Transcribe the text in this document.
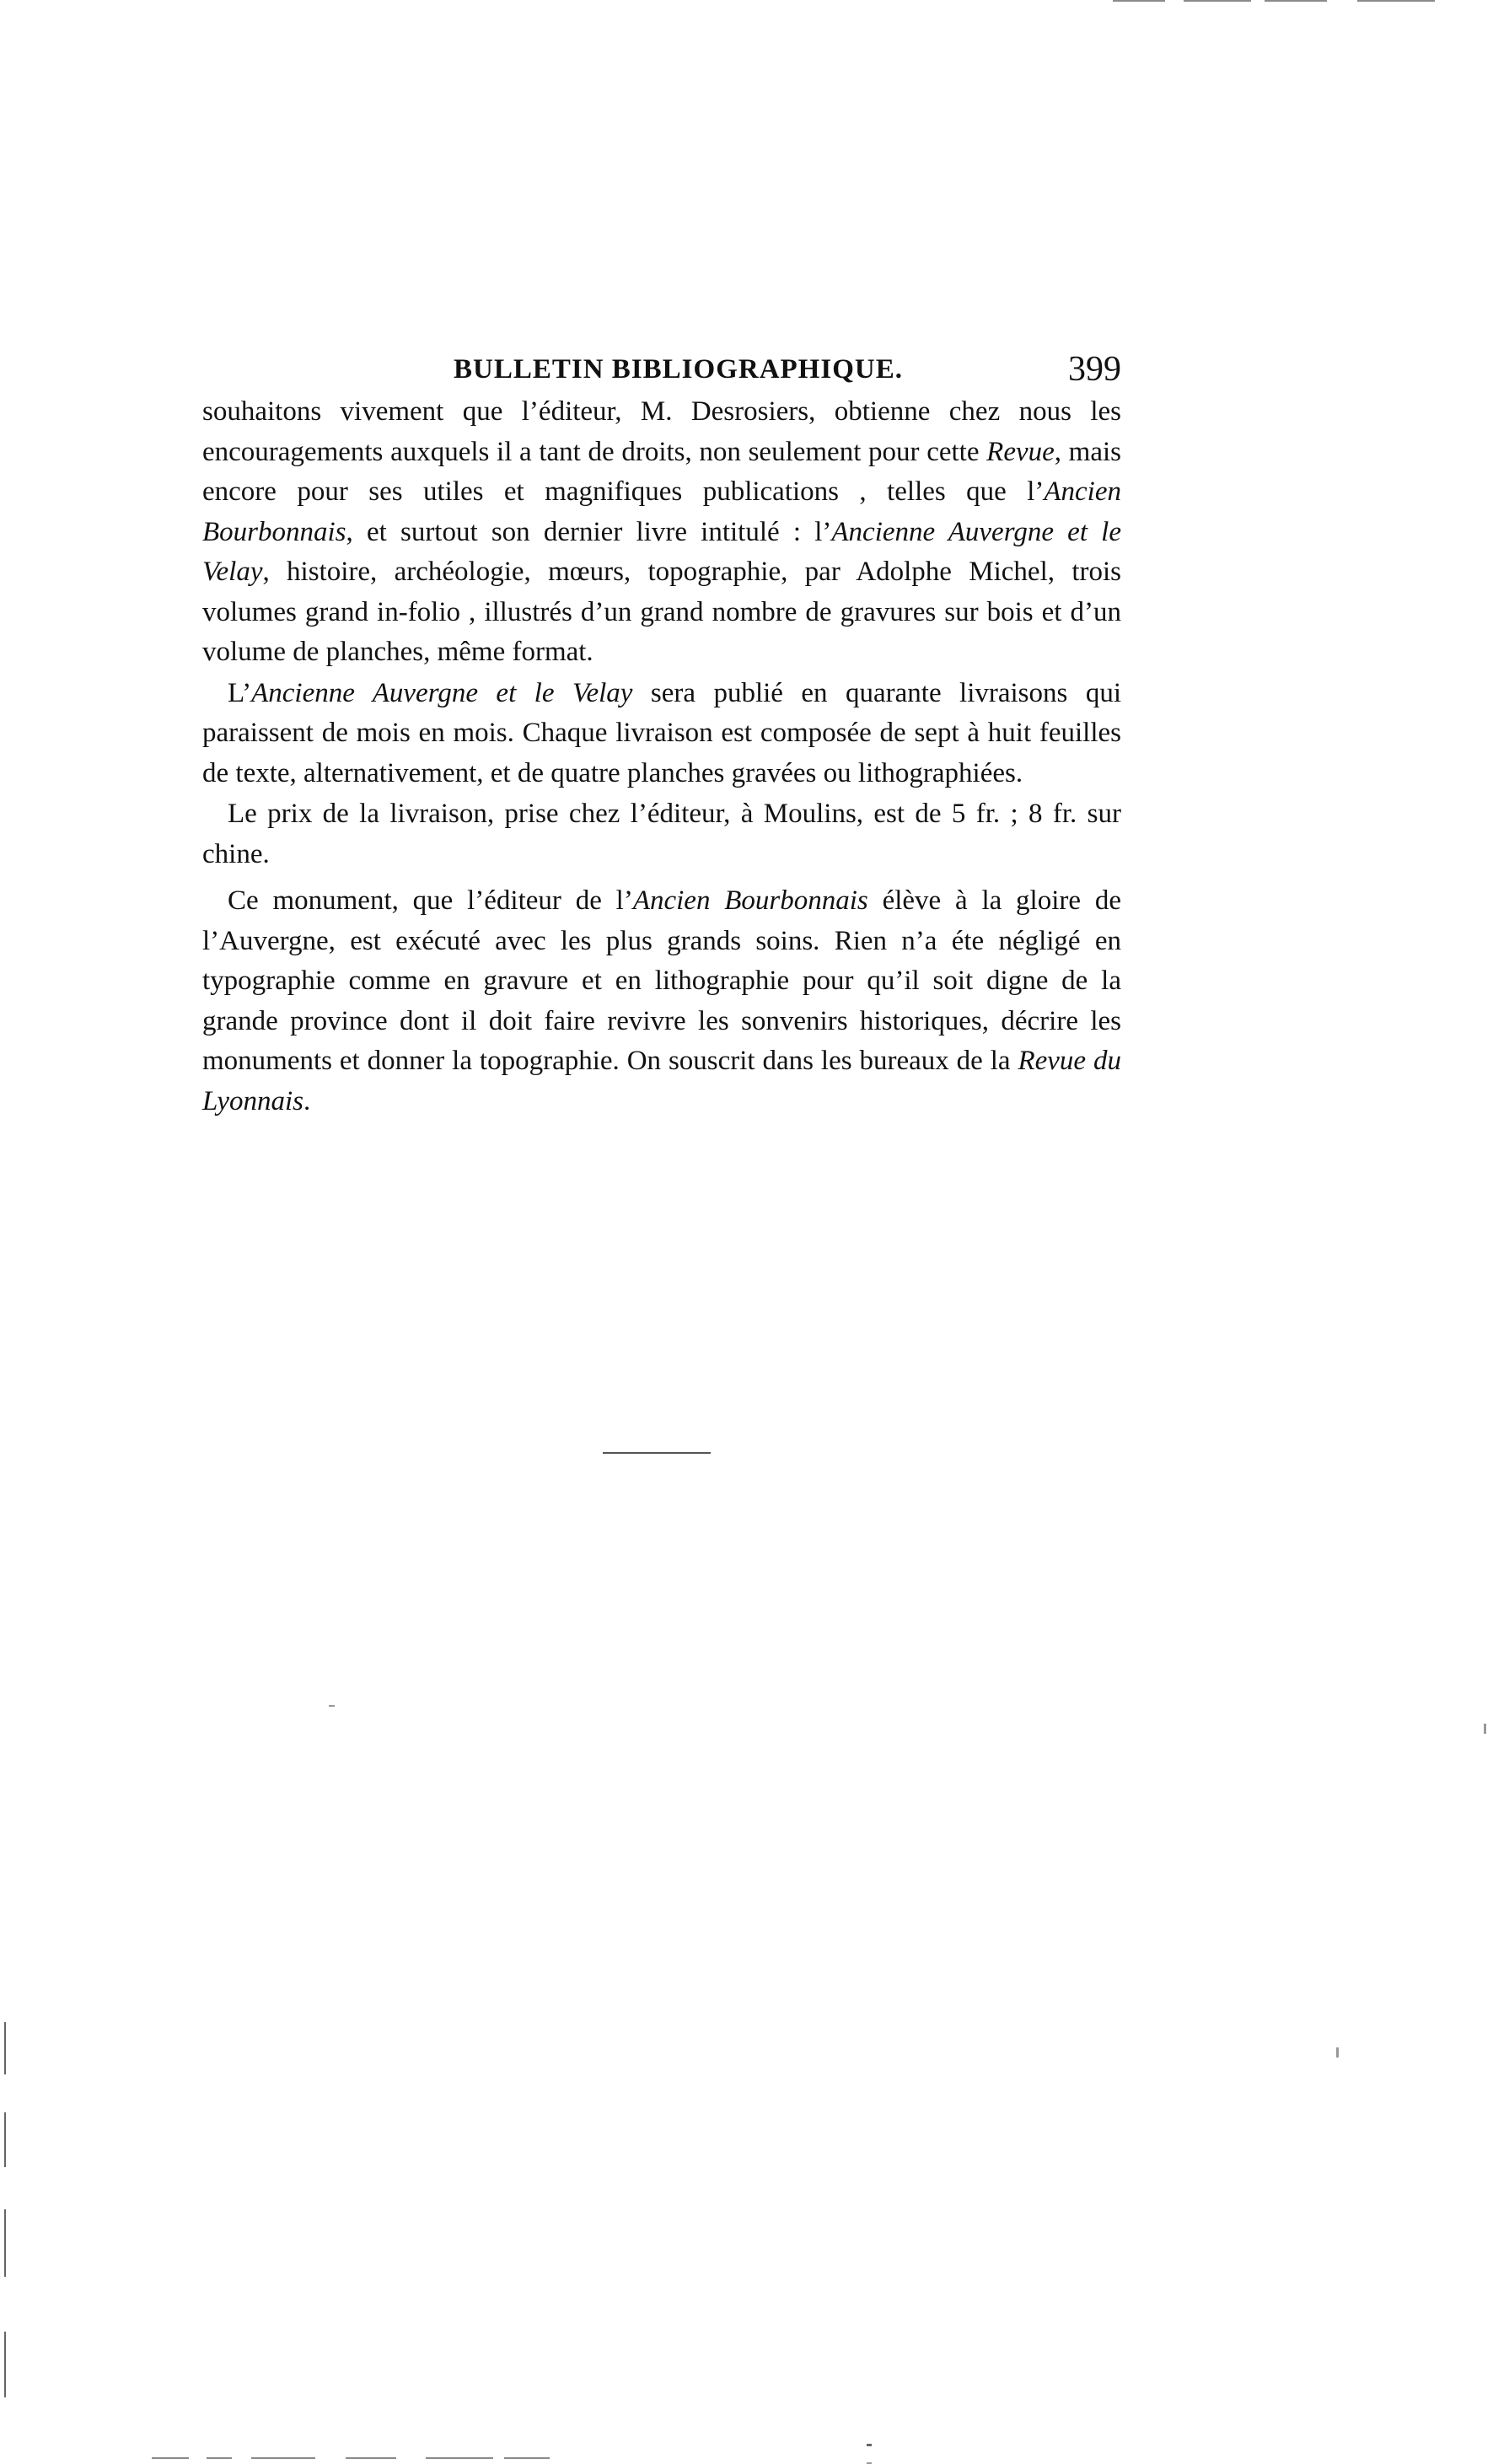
BULLETIN BIBLIOGRAPHIQUE.	399

souhaitons vivement que l’éditeur, M. Desrosiers, obtienne chez nous les encouragements auxquels il a tant de droits, non seulement pour cette Revue, mais encore pour ses utiles et magnifiques publications , telles que l’Ancien Bourbonnais, et surtout son dernier livre intitulé : l’Ancienne Auvergne et le Velay, histoire, archéologie, mœurs, topographie, par Adolphe Michel, trois volumes grand in-folio , illustrés d’un grand nombre de gravures sur bois et d’un volume de planches, même format.

L’Ancienne Auvergne et le Velay sera publié en quarante livraisons qui paraissent de mois en mois. Chaque livraison est composée de sept à huit feuilles de texte, alternativement, et de quatre planches gravées ou lithographiées.

Le prix de la livraison, prise chez l’éditeur, à Moulins, est de 5 fr. ; 8 fr. sur chine.

Ce monument, que l’éditeur de l’Ancien Bourbonnais élève à la gloire de l’Auvergne, est exécuté avec les plus grands soins. Rien n’a éte négligé en typographie comme en gravure et en lithographie pour qu’il soit digne de la grande province dont il doit faire revivre les sonvenirs historiques, décrire les monuments et donner la topographie. On souscrit dans les bureaux de la Revue du Lyonnais.
